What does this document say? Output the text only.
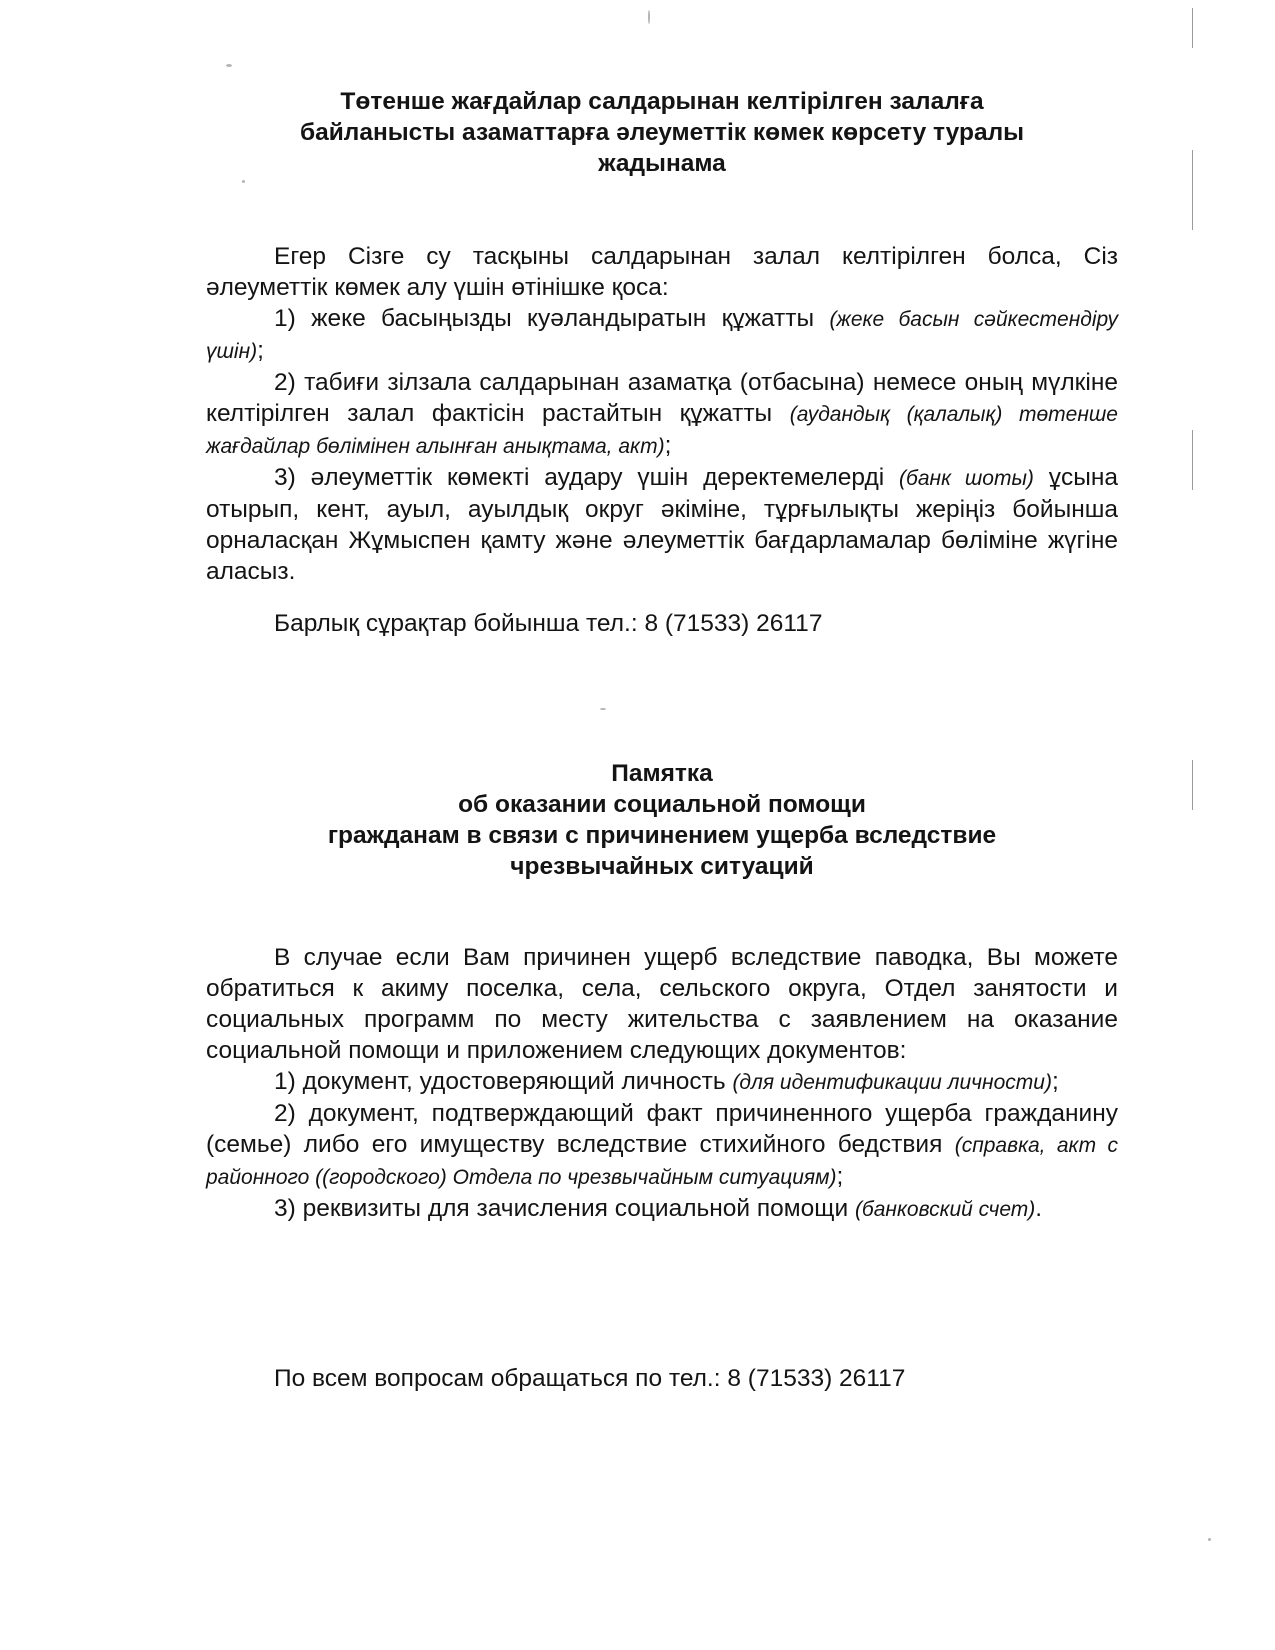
Төтенше жағдайлар салдарынан келтірілген залалға
байланысты азаматтарға әлеуметтік көмек көрсету туралы
жадынама

Егер Сізге су тасқыны салдарынан залал келтірілген болса, Сіз әлеуметтік көмек алу үшін өтінішке қоса:

1) жеке басыңызды куәландыратын құжатты (жеке басын сәйкестендіру үшін);

2) табиғи зілзала салдарынан азаматқа (отбасына) немесе оның мүлкіне келтірілген залал фактісін растайтын құжатты (аудандық (қалалық) төтенше жағдайлар бөлімінен алынған анықтама, акт);

3) әлеуметтік көмекті аудару үшін деректемелерді (банк шоты) ұсына отырып, кент, ауыл, ауылдық округ әкіміне, тұрғылықты жеріңіз бойынша орналасқан Жұмыспен қамту және әлеуметтік бағдарламалар бөліміне жүгіне аласыз.

Барлық сұрақтар бойынша тел.: 8 (71533) 26117

Памятка
об оказании социальной помощи
гражданам в связи с причинением ущерба вследствие
чрезвычайных ситуаций

В случае если Вам причинен ущерб вследствие паводка, Вы можете обратиться к акиму поселка, села, сельского округа, Отдел занятости и социальных программ по месту жительства с заявлением на оказание социальной помощи и приложением следующих документов:

1) документ, удостоверяющий личность (для идентификации личности);

2) документ, подтверждающий факт причиненного ущерба гражданину (семье) либо его имуществу вследствие стихийного бедствия (справка, акт с районного ((городского) Отдела по чрезвычайным ситуациям);

3) реквизиты для зачисления социальной помощи (банковский счет).

По всем вопросам обращаться по тел.: 8 (71533) 26117
